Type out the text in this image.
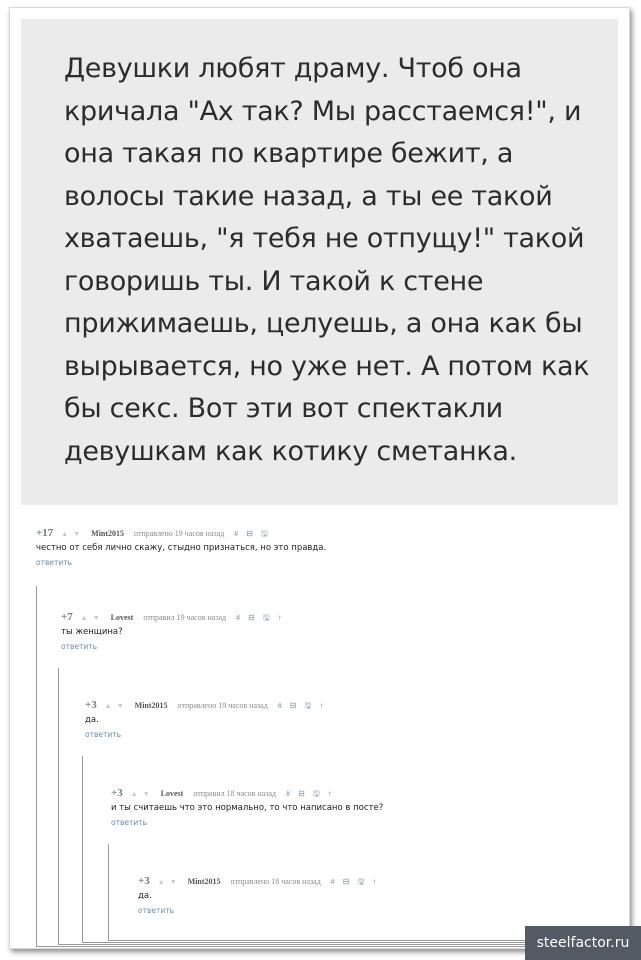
Девушки любят драму. Чтоб она кричала "Ах так? Мы расстаемся!", и она такая по квартире бежит, а волосы такие назад, а ты ее такой хватаешь, "я тебя не отпущу!" такой говоришь ты. И такой к стене прижимаешь, целуешь, а она как бы вырывается, но уже нет. А потом как бы секс. Вот эти вот спектакли девушкам как котику сметанка.

+17 ▲ ▼ Mint2015 отправлено 19 часов назад # ⊟ 🖫
честно от себя лично скажу, стыдно признаться, но это правда.
ответить
+7 ▲ ▼ Lovest отправил 19 часов назад # ⊟ 🖫 ↑
ты женщина?
ответить
+3 ▲ ▼ Mint2015 отправлено 19 часов назад # ⊟ 🖫 ↑
да.
ответить
+3 ▲ ▼ Lovest отправил 18 часов назад # ⊟ 🖫 ↑
и ты считаешь что это нормально, то что написано в посте?
ответить
+3 ▲ ▼ Mint2015 отправлено 18 часов назад # ⊟ 🖫 ↑
да.
ответить
steelfactor.ru
